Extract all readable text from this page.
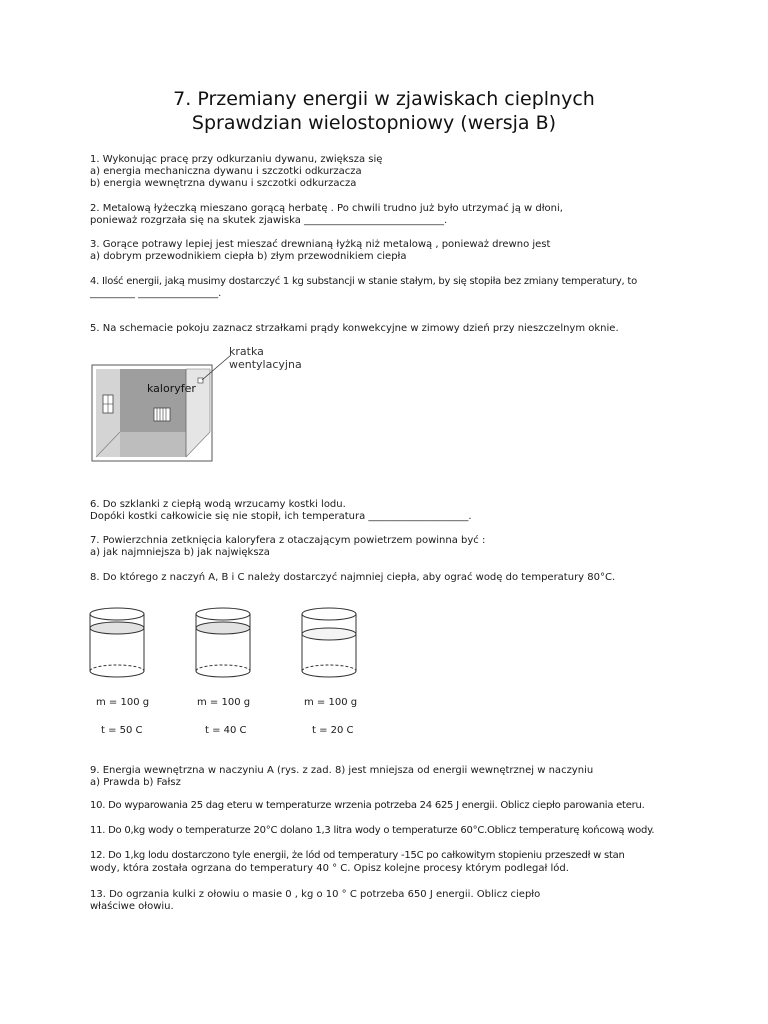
7. Przemiany energii w zjawiskach cieplnych
Sprawdzian wielostopniowy (wersja B)

1. Wykonując pracę przy odkurzaniu dywanu, zwiększa się

a) energia mechaniczna dywanu i szczotki odkurzacza

b) energia wewnętrzna dywanu i szczotki odkurzacza

2. Metalową łyżeczką mieszano gorącą herbatę . Po chwili trudno już było utrzymać ją w dłoni,

ponieważ rozgrzała się na skutek zjawiska ____________________________.

3. Gorące potrawy lepiej jest mieszać drewnianą łyżką niż metalową , ponieważ drewno jest

a) dobrym przewodnikiem ciepła b) złym przewodnikiem ciepła

4. Ilość energii, jaką musimy dostarczyć 1 kg substancji w stanie stałym, by się stopiła bez zmiany temperatury, to

_________ ________________.

5. Na schemacie pokoju zaznacz strzałkami prądy konwekcyjne w zimowy dzień przy nieszczelnym oknie.

kratka
wentylacyjna
kaloryfer

6. Do szklanki z ciepłą wodą wrzucamy kostki lodu.

Dopóki kostki całkowicie się nie stopił, ich temperatura ____________________.

7. Powierzchnia zetknięcia kaloryfera z otaczającym powietrzem powinna być :

a) jak najmniejsza b) jak największa

8. Do którego z naczyń A, B i C należy dostarczyć najmniej ciepła, aby ograć wodę do temperatury 80°C.

m = 100 g	m = 100 g	m = 100 g
t = 50 C	t = 40 C	t = 20 C

9. Energia wewnętrzna w naczyniu A (rys. z zad. 8) jest mniejsza od energii wewnętrznej w naczyniu

a) Prawda b) Fałsz

10. Do wyparowania 25 dag eteru w temperaturze wrzenia potrzeba 24 625 J energii. Oblicz ciepło parowania eteru.

11. Do 0,kg wody o temperaturze 20°C dolano 1,3 litra wody o temperaturze 60°C.Oblicz temperaturę końcową wody.

12. Do 1,kg lodu dostarczono tyle energii, że lód od temperatury -15C po całkowitym stopieniu przeszedł w stan

wody, która została ogrzana do temperatury 40 ° C. Opisz kolejne procesy którym podlegał lód.

13. Do ogrzania kulki z ołowiu o masie 0 , kg o 10 ° C potrzeba 650 J energii. Oblicz ciepło

właściwe ołowiu.
